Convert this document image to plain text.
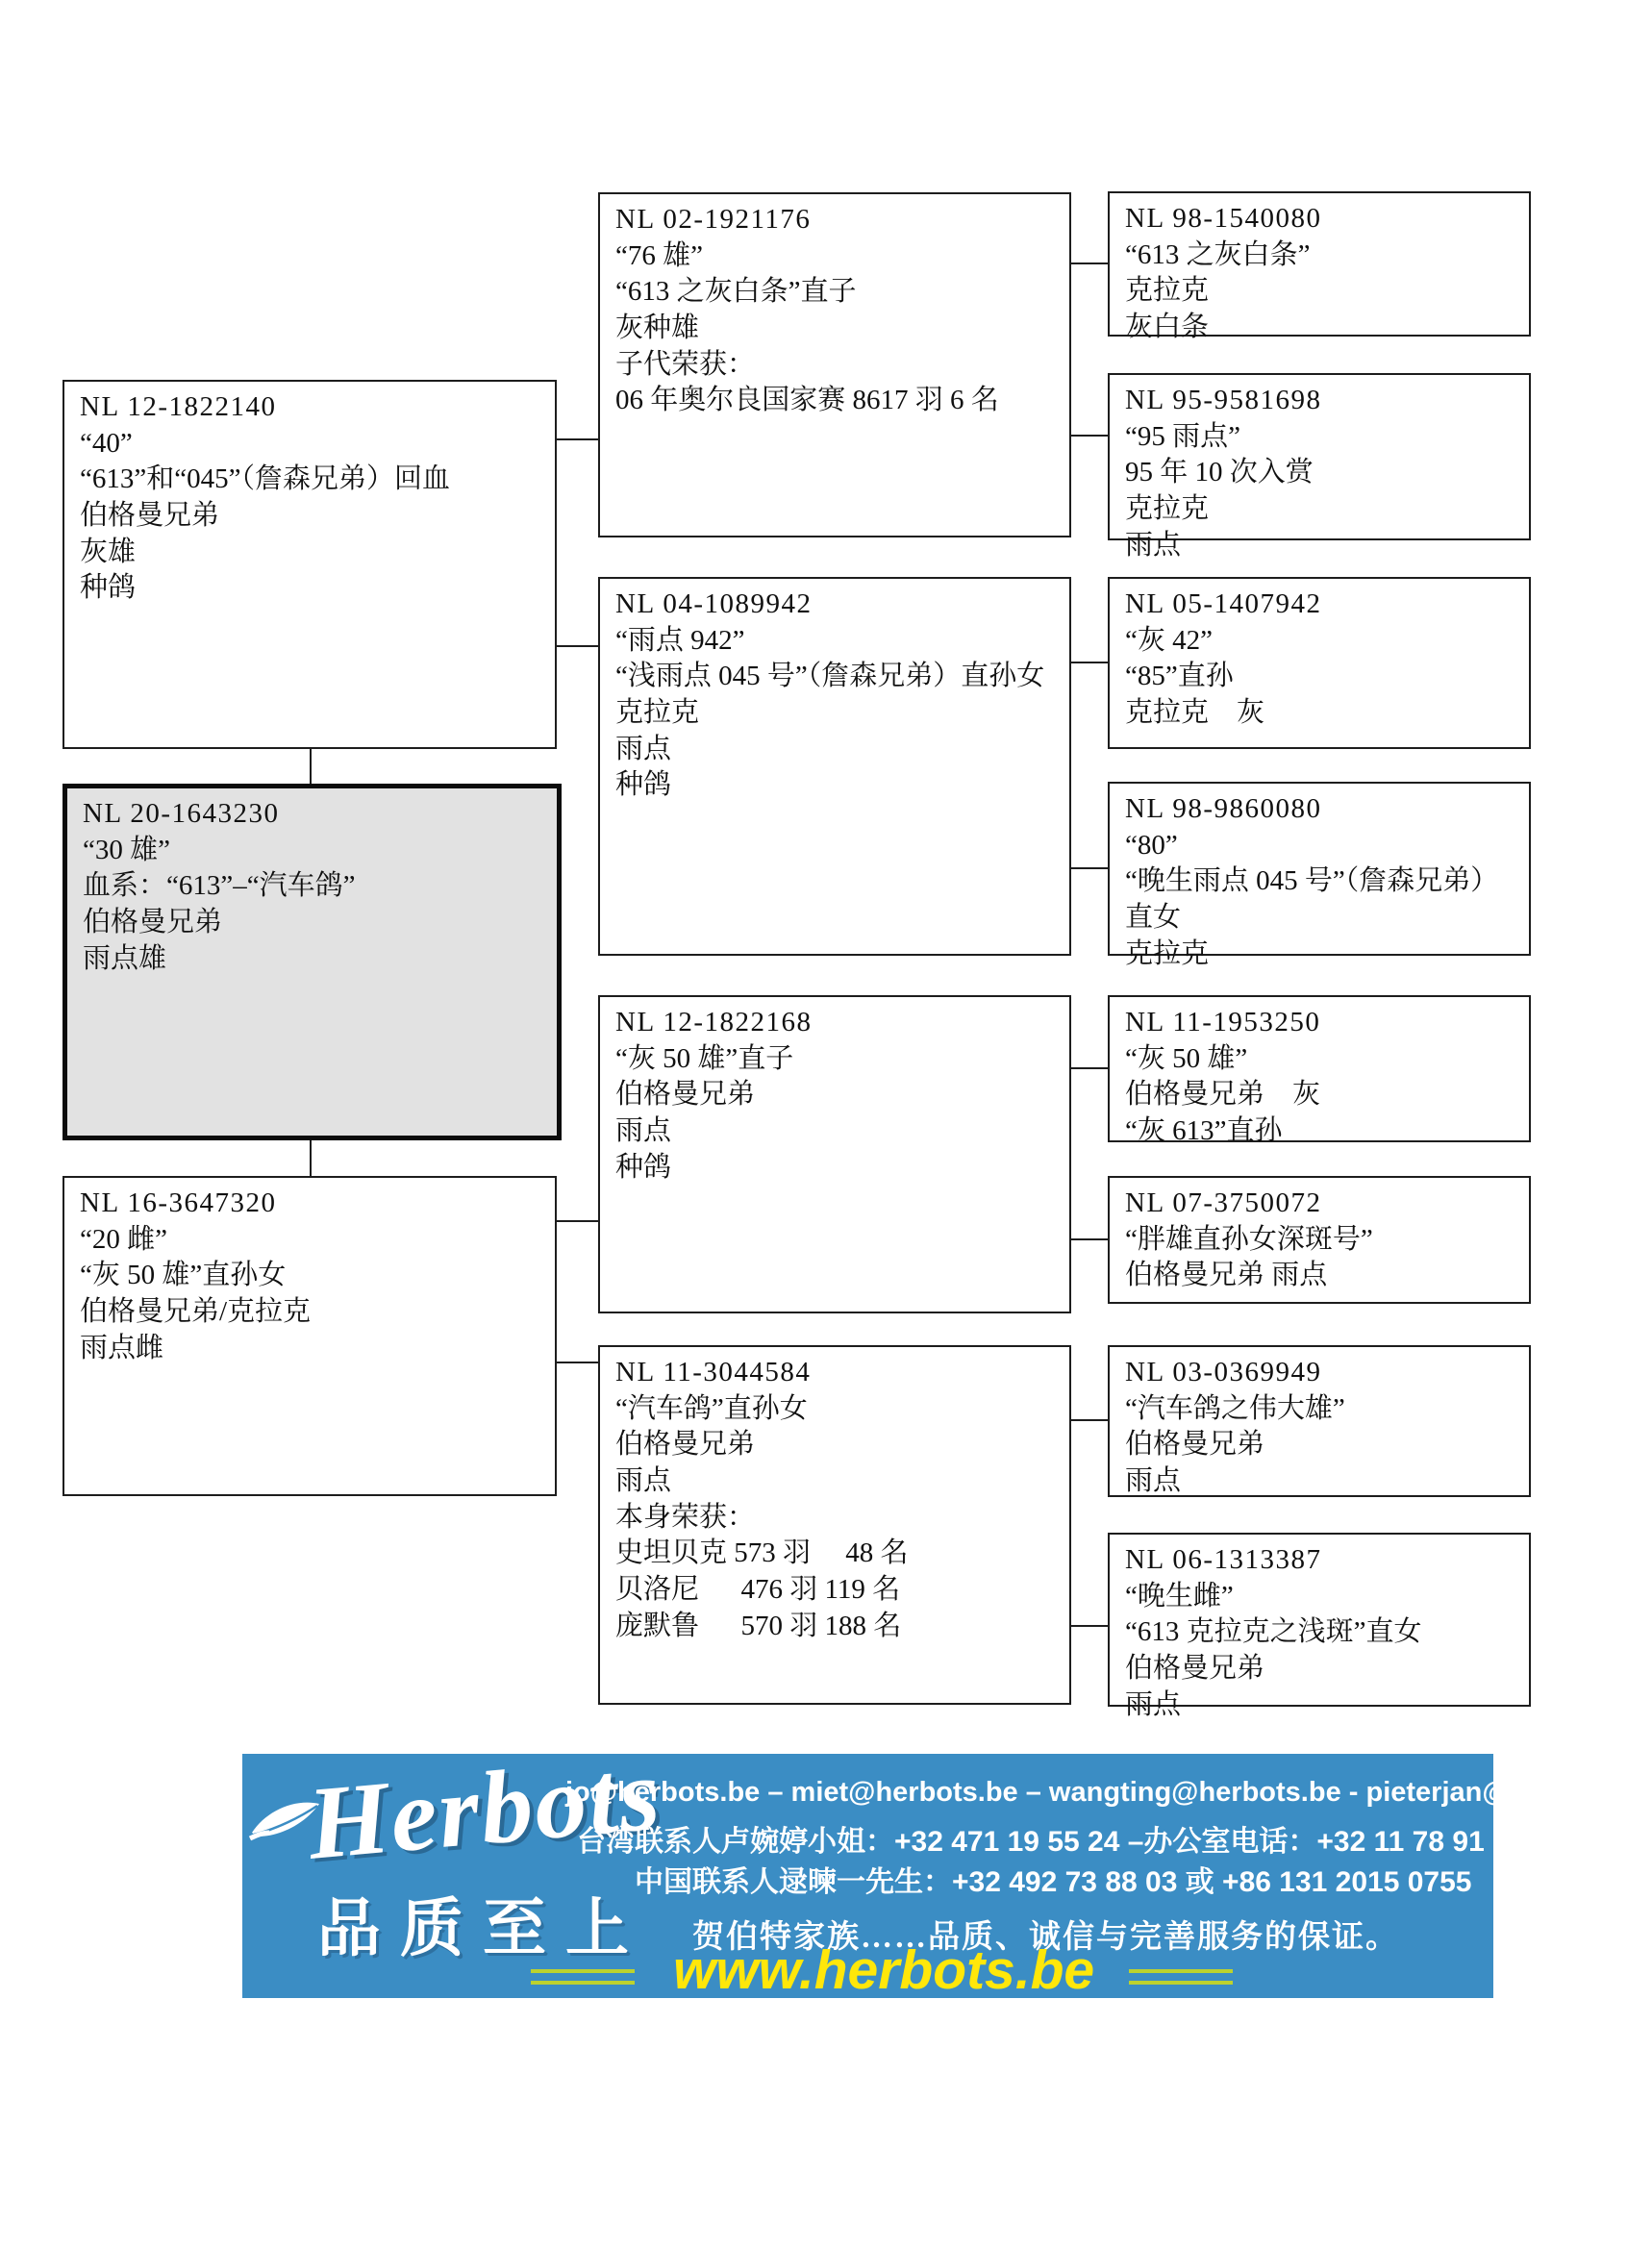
NL 12-1822140
“40”
“613”和“045”（詹森兄弟）回血
伯格曼兄弟
灰雄
种鸽
NL 20-1643230
“30 雄”
血系：“613”–“汽车鸽”
伯格曼兄弟
雨点雄
NL 16-3647320
“20 雌”
“灰 50 雄”直孙女
伯格曼兄弟/克拉克
雨点雌
NL 02-1921176
“76 雄”
“613 之灰白条”直子
灰种雄
子代荣获：
06 年奥尔良国家赛 8617 羽 6 名
NL 04-1089942
“雨点 942”
“浅雨点 045 号”（詹森兄弟）直孙女
克拉克
雨点
种鸽
NL 12-1822168
“灰 50 雄”直子
伯格曼兄弟
雨点
种鸽
NL 11-3044584
“汽车鸽”直孙女
伯格曼兄弟
雨点
本身荣获：
史坦贝克 573 羽　 48 名
贝洛尼　  476 羽 119 名
庞默鲁　  570 羽 188 名
NL 98-1540080
“613 之灰白条”
克拉克
灰白条
NL 95-9581698
“95 雨点”
95 年 10 次入赏
克拉克
雨点
NL 05-1407942
“灰 42”
“85”直孙
克拉克　灰
NL 98-9860080
“80”
“晚生雨点 045 号”（詹森兄弟）直女
克拉克
NL 11-1953250
“灰 50 雄”
伯格曼兄弟　灰
“灰 613”直孙
NL 07-3750072
“胖雄直孙女深斑号”
伯格曼兄弟 雨点
NL 03-0369949
“汽车鸽之伟大雄”
伯格曼兄弟
雨点
NL 06-1313387
“晚生雌”
“613 克拉克之浅斑”直女
伯格曼兄弟
雨点
Herbots
品质至上
jo@herbots.be – miet@herbots.be – wangting@herbots.be - pieterjan@herbots.be
台湾联系人卢婉婷小姐：+32 471 19 55 24 –办公室电话：+32 11 78 91 90
中国联系人逯暕一先生：+32 492 73 88 03 或 +86 131 2015 0755
贺伯特家族……品质、诚信与完善服务的保证。
www.herbots.be
